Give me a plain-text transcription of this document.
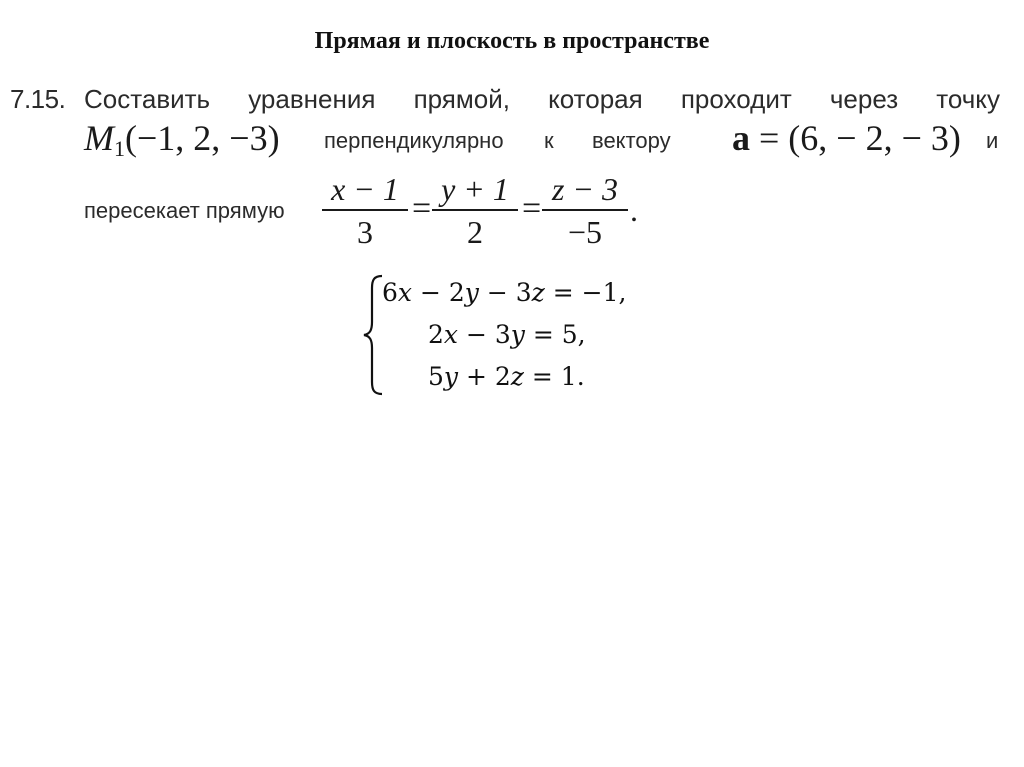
Прямая и плоскость в пространстве
7.15. Составить уравнения прямой, которая проходит через точку
$M_1(-1$, 2, −3) перпендикулярно к вектору a = (6, − 2, − 3) и
пересекает прямую
x − 1
3
=
y + 1
2
=
z − 3
−5
.
6𝑥 − 2𝑦 − 3𝑧 = −1,
2𝑥 − 3𝑦 = 5,
5𝑦 + 2𝑧 = 1.
